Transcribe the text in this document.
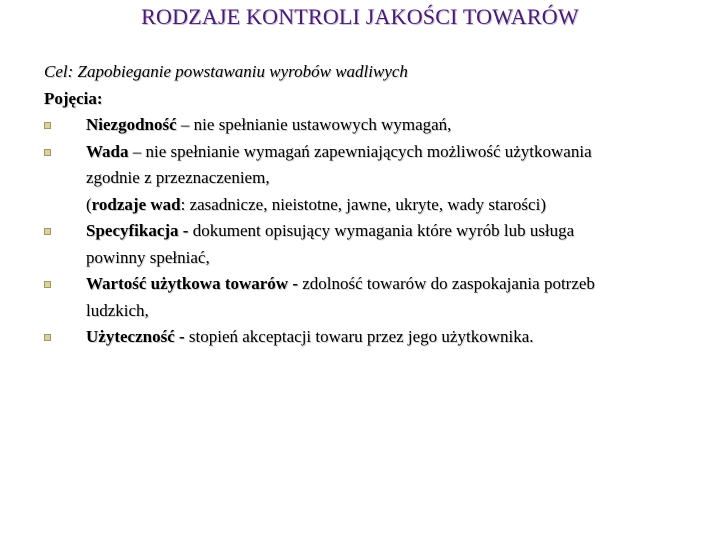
RODZAJE KONTROLI JAKOŚCI TOWARÓW
Cel: Zapobieganie powstawaniu wyrobów wadliwych
Pojęcia:
Niezgodność – nie spełnianie ustawowych wymagań,
Wada – nie spełnianie wymagań zapewniających możliwość użytkowania
zgodnie z przeznaczeniem,
(rodzaje wad: zasadnicze, nieistotne, jawne, ukryte, wady starości)
Specyfikacja - dokument opisujący wymagania które wyrób lub usługa
powinny spełniać,
Wartość użytkowa towarów - zdolność towarów do zaspokajania potrzeb
ludzkich,
Użyteczność - stopień akceptacji towaru przez jego użytkownika.
